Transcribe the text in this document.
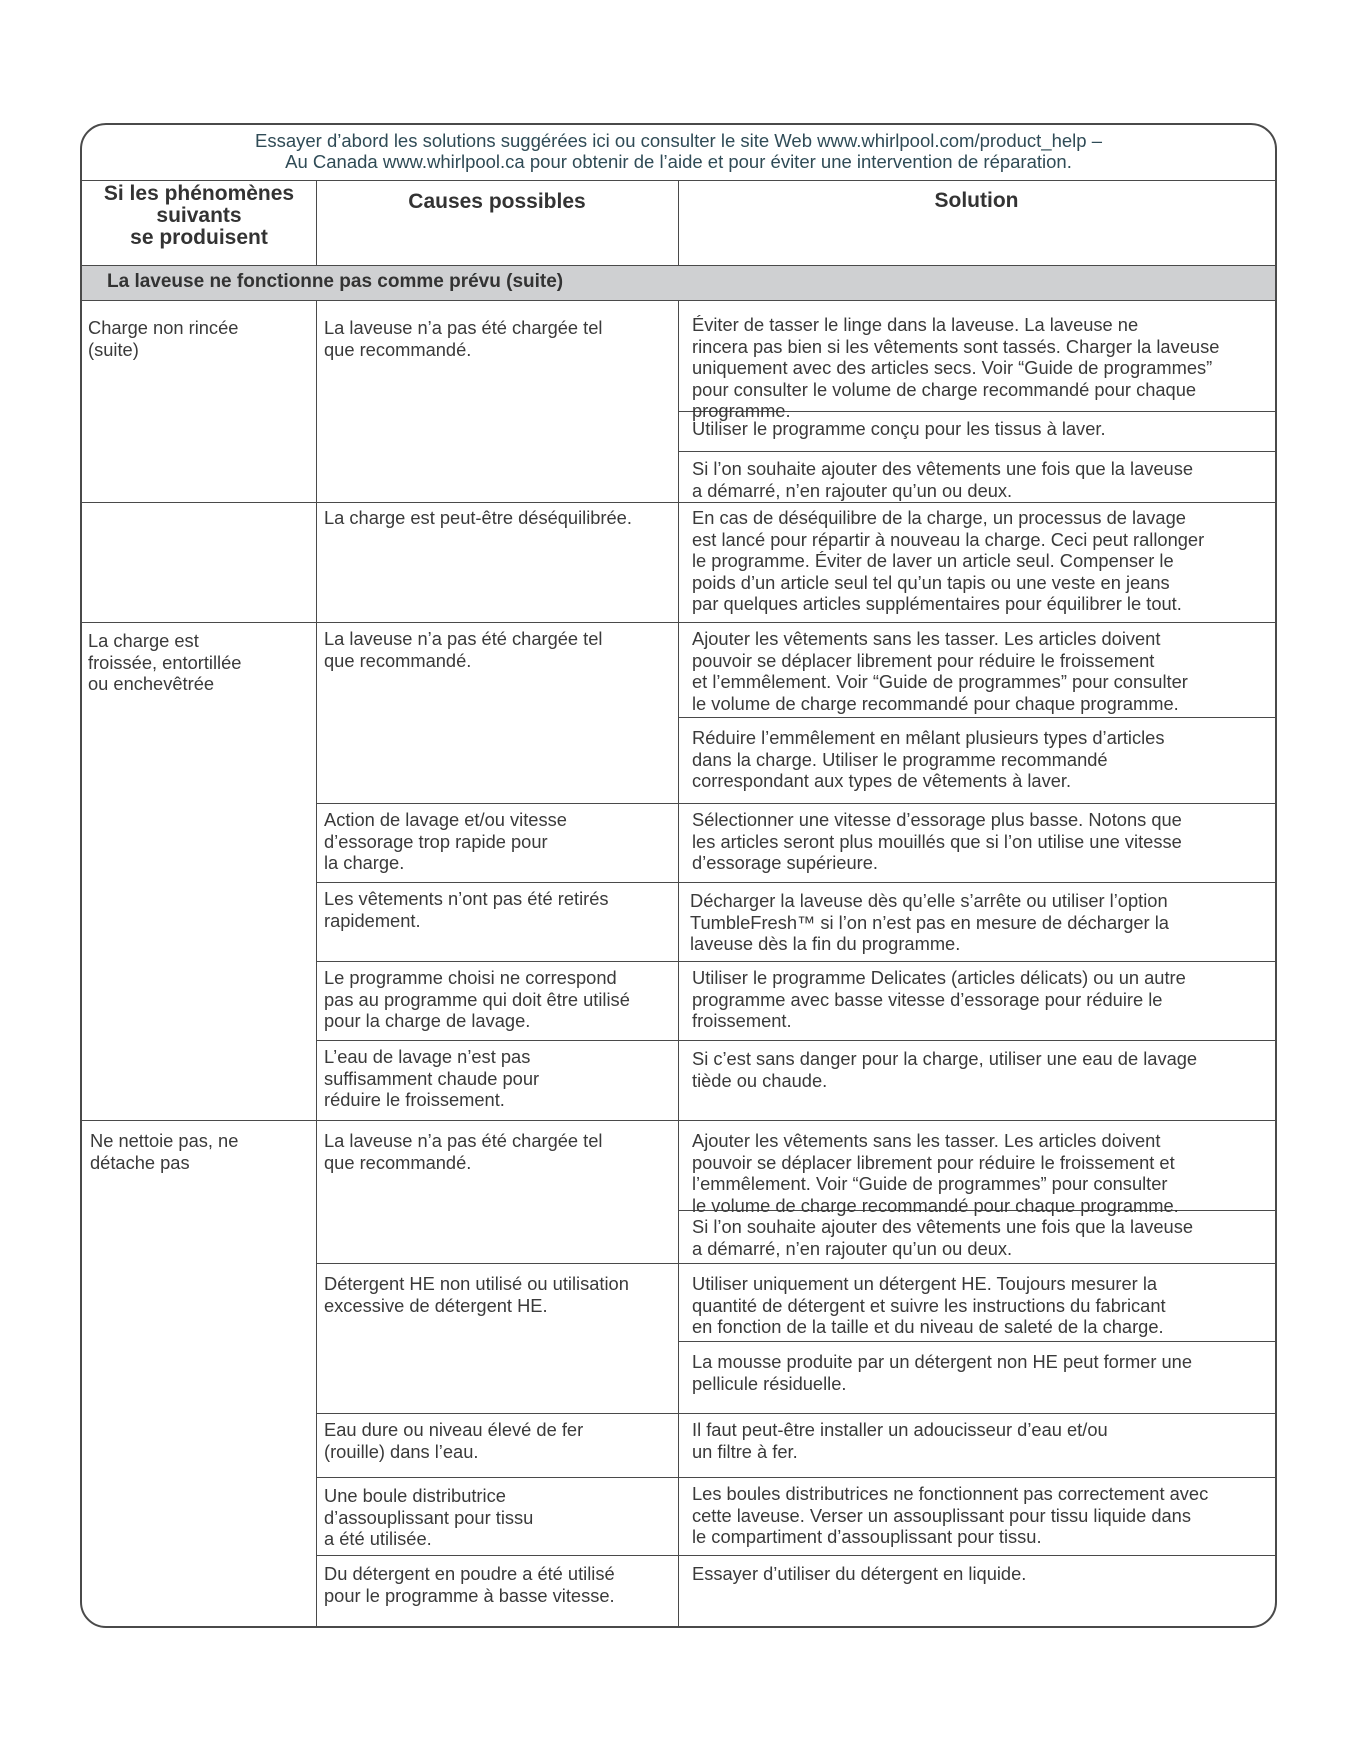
Essayer d’abord les solutions suggérées ici ou consulter le site Web www.whirlpool.com/product_help –
Au Canada www.whirlpool.ca pour obtenir de l’aide et pour éviter une intervention de réparation.
Si les phénomènes
suivants
se produisent
Causes possibles	Solution
La laveuse ne fonctionne pas comme prévu (suite)
Charge non rincée
(suite)
La laveuse n’a pas été chargée tel
que recommandé.
Éviter de tasser le linge dans la laveuse. La laveuse ne
rincera pas bien si les vêtements sont tassés. Charger la laveuse
uniquement avec des articles secs. Voir “Guide de programmes”
pour consulter le volume de charge recommandé pour chaque
programme.
Utiliser le programme conçu pour les tissus à laver.
Si l’on souhaite ajouter des vêtements une fois que la laveuse
a démarré, n’en rajouter qu’un ou deux.
La charge est peut-être déséquilibrée.	En cas de déséquilibre de la charge, un processus de lavage
est lancé pour répartir à nouveau la charge. Ceci peut rallonger
le programme. Éviter de laver un article seul. Compenser le
poids d’un article seul tel qu’un tapis ou une veste en jeans
par quelques articles supplémentaires pour équilibrer le tout.
La charge est
froissée, entortillée
ou enchevêtrée
La laveuse n’a pas été chargée tel
que recommandé.
Ajouter les vêtements sans les tasser. Les articles doivent
pouvoir se déplacer librement pour réduire le froissement
et l’emmêlement. Voir “Guide de programmes” pour consulter
le volume de charge recommandé pour chaque programme.
Réduire l’emmêlement en mêlant plusieurs types d’articles
dans la charge. Utiliser le programme recommandé
correspondant aux types de vêtements à laver.
Action de lavage et/ou vitesse
d’essorage trop rapide pour
la charge.
Sélectionner une vitesse d’essorage plus basse. Notons que
les articles seront plus mouillés que si l’on utilise une vitesse
d’essorage supérieure.
Les vêtements n’ont pas été retirés
rapidement.
Décharger la laveuse dès qu’elle s’arrête ou utiliser l’option
TumbleFresh™ si l’on n’est pas en mesure de décharger la
laveuse dès la fin du programme.
Le programme choisi ne correspond
pas au programme qui doit être utilisé
pour la charge de lavage.
Utiliser le programme Delicates (articles délicats) ou un autre
programme avec basse vitesse d’essorage pour réduire le
froissement.
L’eau de lavage n’est pas
suffisamment chaude pour
réduire le froissement.
Si c’est sans danger pour la charge, utiliser une eau de lavage
tiède ou chaude.
Ne nettoie pas, ne
détache pas
La laveuse n’a pas été chargée tel
que recommandé.
Ajouter les vêtements sans les tasser. Les articles doivent
pouvoir se déplacer librement pour réduire le froissement et
l’emmêlement. Voir “Guide de programmes” pour consulter
le volume de charge recommandé pour chaque programme.
Si l’on souhaite ajouter des vêtements une fois que la laveuse
a démarré, n’en rajouter qu’un ou deux.
Détergent HE non utilisé ou utilisation
excessive de détergent HE.
Utiliser uniquement un détergent HE. Toujours mesurer la
quantité de détergent et suivre les instructions du fabricant
en fonction de la taille et du niveau de saleté de la charge.
La mousse produite par un détergent non HE peut former une
pellicule résiduelle.
Eau dure ou niveau élevé de fer
(rouille) dans l’eau.
Il faut peut-être installer un adoucisseur d’eau et/ou
un filtre à fer.
Une boule distributrice
d’assouplissant pour tissu
a été utilisée.
Les boules distributrices ne fonctionnent pas correctement avec
cette laveuse. Verser un assouplissant pour tissu liquide dans
le compartiment d’assouplissant pour tissu.
Du détergent en poudre a été utilisé
pour le programme à basse vitesse.
Essayer d’utiliser du détergent en liquide.
